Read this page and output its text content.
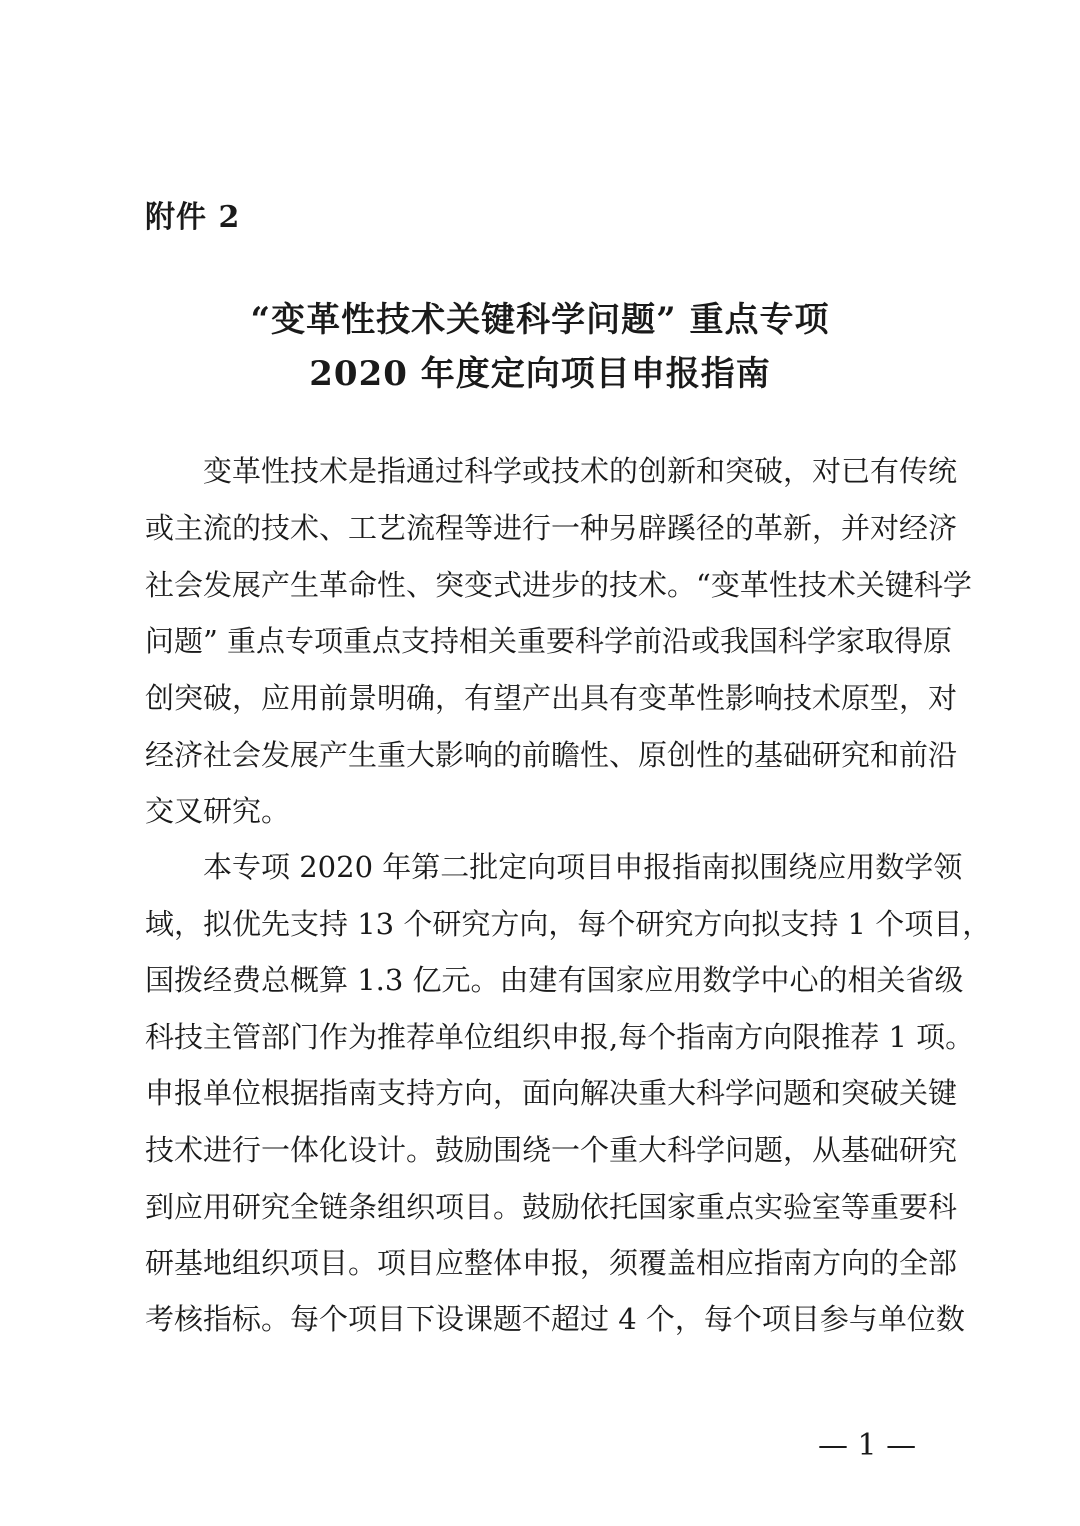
附件 2
“变革性技术关键科学问题” 重点专项
2020 年度定向项目申报指南
变革性技术是指通过科学或技术的创新和突破，对已有传统
或主流的技术、工艺流程等进行一种另辟蹊径的革新，并对经济
社会发展产生革命性、突变式进步的技术。“变革性技术关键科学
问题” 重点专项重点支持相关重要科学前沿或我国科学家取得原
创突破，应用前景明确，有望产出具有变革性影响技术原型，对
经济社会发展产生重大影响的前瞻性、原创性的基础研究和前沿
交叉研究。
本专项 2020 年第二批定向项目申报指南拟围绕应用数学领
域，拟优先支持 13 个研究方向，每个研究方向拟支持 1 个项目，
国拨经费总概算 1.3 亿元。由建有国家应用数学中心的相关省级
科技主管部门作为推荐单位组织申报,每个指南方向限推荐 1 项。
申报单位根据指南支持方向，面向解决重大科学问题和突破关键
技术进行一体化设计。鼓励围绕一个重大科学问题，从基础研究
到应用研究全链条组织项目。鼓励依托国家重点实验室等重要科
研基地组织项目。项目应整体申报，须覆盖相应指南方向的全部
考核指标。每个项目下设课题不超过 4 个，每个项目参与单位数
— 1 —
